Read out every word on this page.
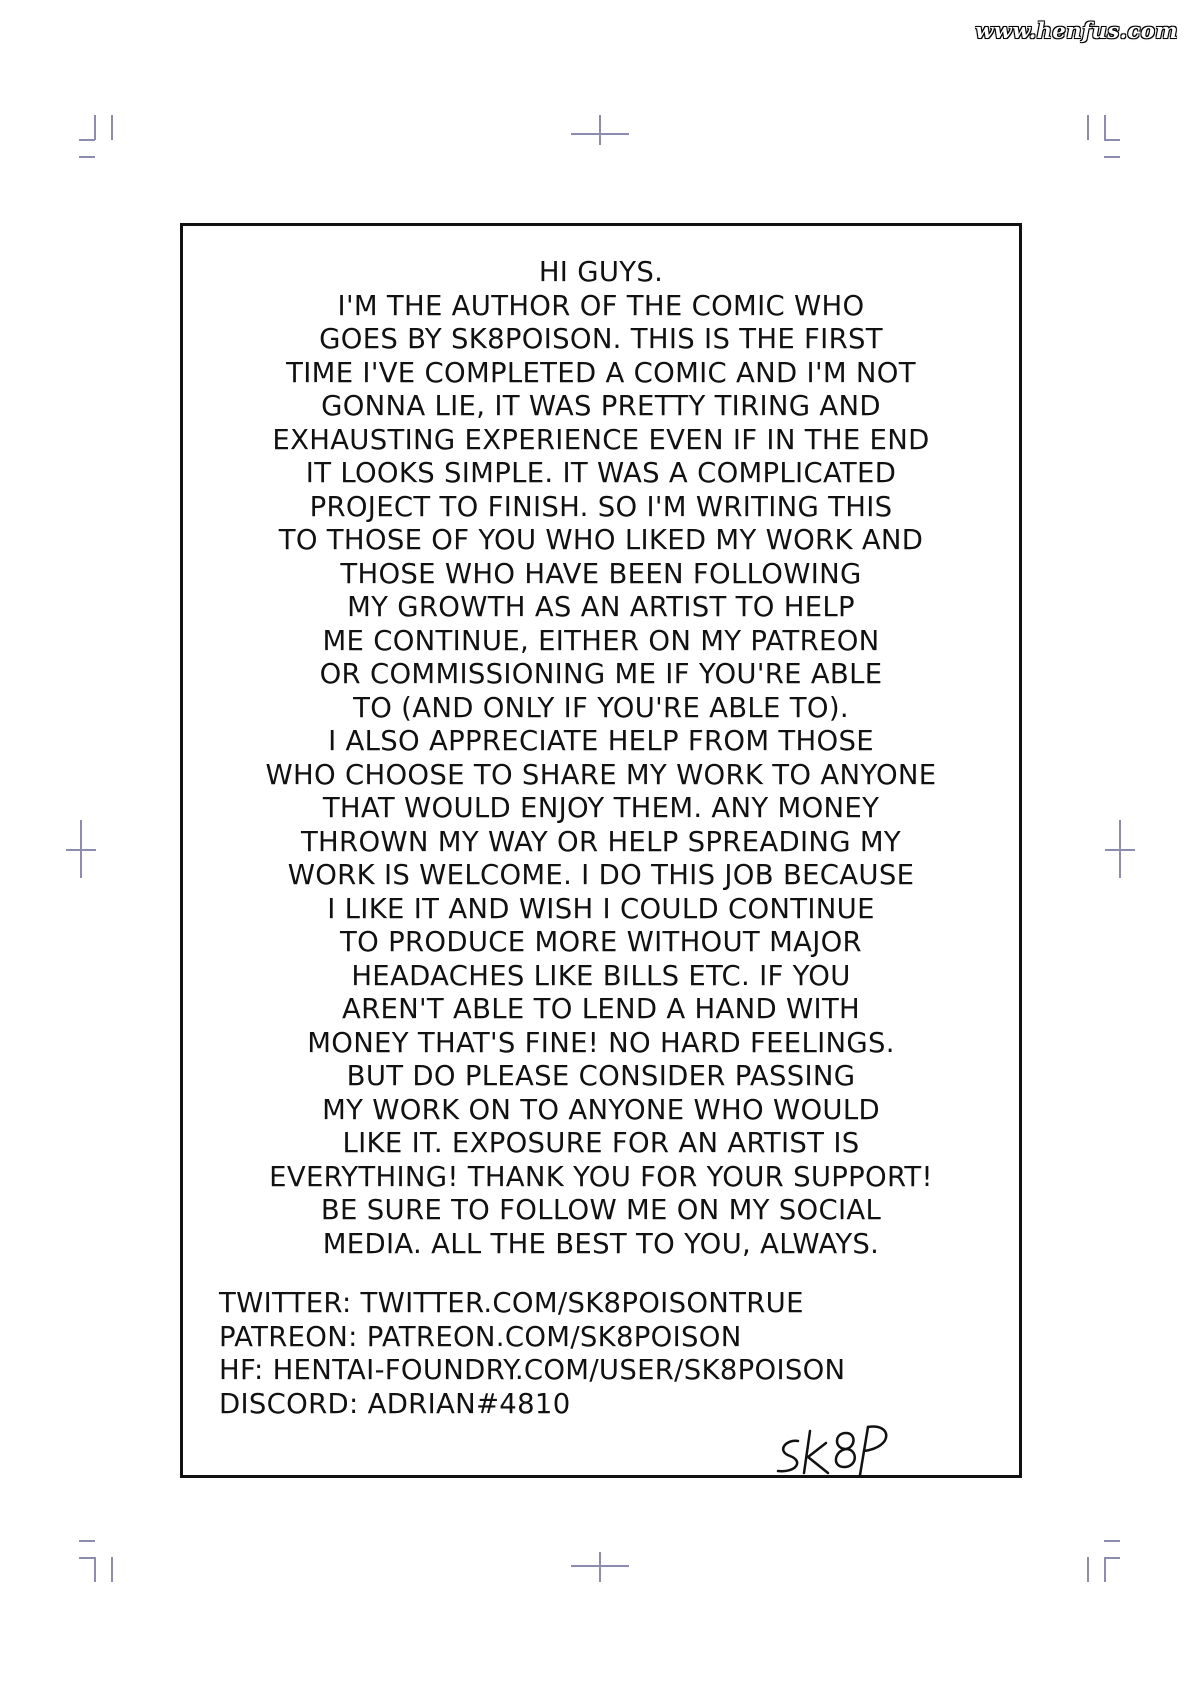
www.henfus.com
HI GUYS.
I'M THE AUTHOR OF THE COMIC WHO
GOES BY SK8POISON. THIS IS THE FIRST
TIME I'VE COMPLETED A COMIC AND I'M NOT
GONNA LIE, IT WAS PRETTY TIRING AND
EXHAUSTING EXPERIENCE EVEN IF IN THE END
IT LOOKS SIMPLE. IT WAS A COMPLICATED
PROJECT TO FINISH. SO I'M WRITING THIS
TO THOSE OF YOU WHO LIKED MY WORK AND
THOSE WHO HAVE BEEN FOLLOWING
MY GROWTH AS AN ARTIST TO HELP
ME CONTINUE, EITHER ON MY PATREON
OR COMMISSIONING ME IF YOU'RE ABLE
TO (AND ONLY IF YOU'RE ABLE TO).
I ALSO APPRECIATE HELP FROM THOSE
WHO CHOOSE TO SHARE MY WORK TO ANYONE
THAT WOULD ENJOY THEM. ANY MONEY
THROWN MY WAY OR HELP SPREADING MY
WORK IS WELCOME. I DO THIS JOB BECAUSE
I LIKE IT AND WISH I COULD CONTINUE
TO PRODUCE MORE WITHOUT MAJOR
HEADACHES LIKE BILLS ETC. IF YOU
AREN'T ABLE TO LEND A HAND WITH
MONEY THAT'S FINE! NO HARD FEELINGS.
BUT DO PLEASE CONSIDER PASSING
MY WORK ON TO ANYONE WHO WOULD
LIKE IT. EXPOSURE FOR AN ARTIST IS
EVERYTHING! THANK YOU FOR YOUR SUPPORT!
BE SURE TO FOLLOW ME ON MY SOCIAL
MEDIA. ALL THE BEST TO YOU, ALWAYS.
TWITTER: TWITTER.COM/SK8POISONTRUE
PATREON: PATREON.COM/SK8POISON
HF: HENTAI-FOUNDRY.COM/USER/SK8POISON
DISCORD: ADRIAN#4810
